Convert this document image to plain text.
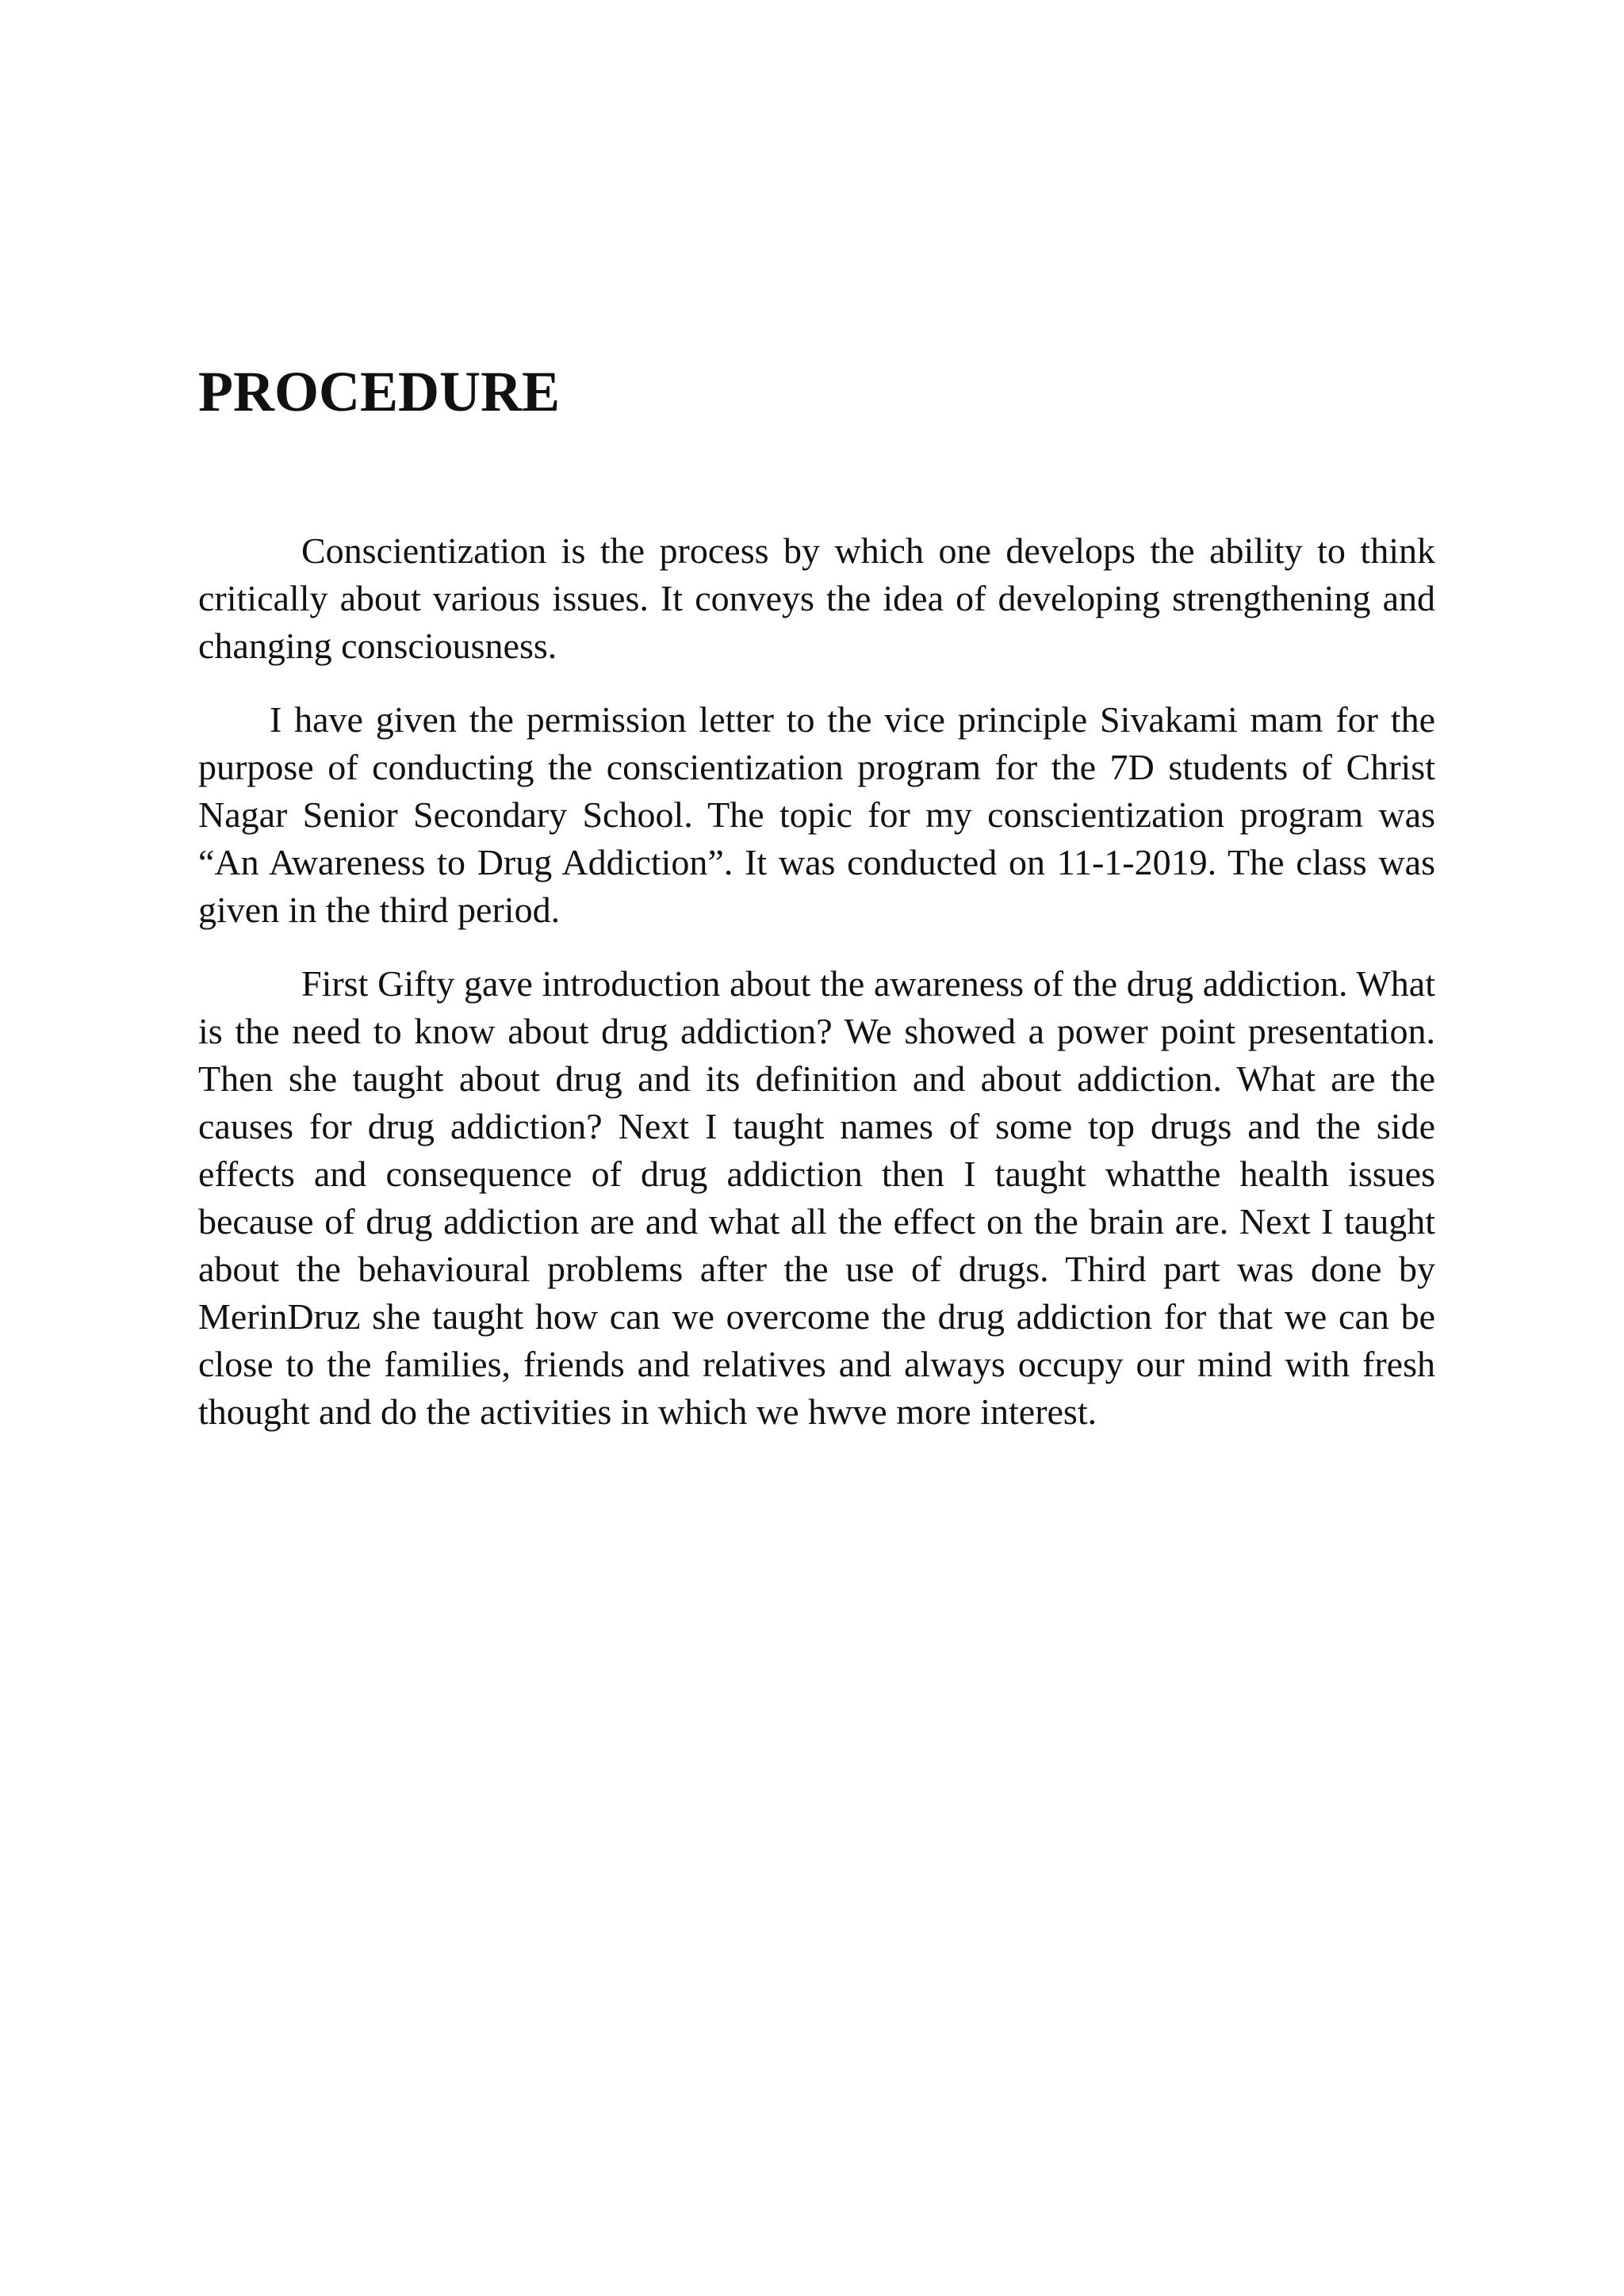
PROCEDURE

Conscientization is the process by which one develops the ability to think critically about various issues. It conveys the idea of developing strengthening and changing consciousness.

I have given the permission letter to the vice principle Sivakami mam for the purpose of conducting the conscientization program for the 7D students of Christ Nagar Senior Secondary School. The topic for my conscientization program was “An Awareness to Drug Addiction”. It was conducted on 11-1-2019. The class was given in the third period.

First Gifty gave introduction about the awareness of the drug addiction. What is the need to know about drug addiction? We showed a power point presentation. Then she taught about drug and its definition and about addiction. What are the causes for drug addiction? Next I taught names of some top drugs and the side effects and consequence of drug addiction then I taught whatthe health issues because of drug addiction are and what all the effect on the brain are. Next I taught about the behavioural problems after the use of drugs. Third part was done by MerinDruz she taught how can we overcome the drug addiction for that we can be close to the families, friends and relatives and always occupy our mind with fresh thought and do the activities in which we hwve more interest.
